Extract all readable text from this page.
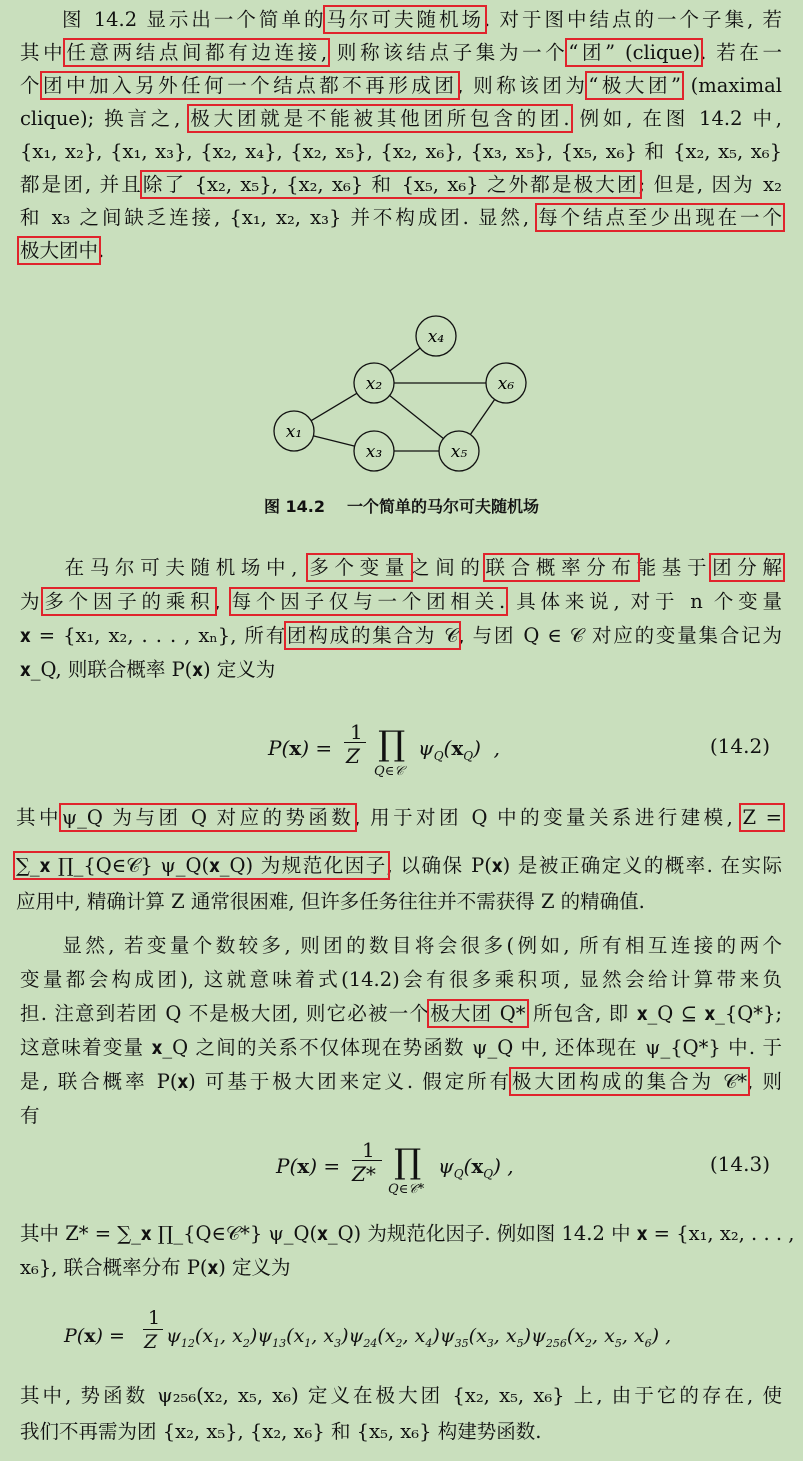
图 14.2 显示出一个简单的马尔可夫随机场. 对于图中结点的一个子集, 若
其中任意两结点间都有边连接, 则称该结点子集为一个“团” (clique). 若在一
个团中加入另外任何一个结点都不再形成团, 则称该团为“极大团” (maximal
clique); 换言之, 极大团就是不能被其他团所包含的团. 例如, 在图 14.2 中,
{x₁, x₂}, {x₁, x₃}, {x₂, x₄}, {x₂, x₅}, {x₂, x₆}, {x₃, x₅}, {x₅, x₆} 和 {x₂, x₅, x₆}
都是团, 并且除了 {x₂, x₅}, {x₂, x₆} 和 {x₅, x₆} 之外都是极大团; 但是, 因为 x₂
和 x₃ 之间缺乏连接, {x₁, x₂, x₃} 并不构成团. 显然, 每个结点至少出现在一个
极大团中.
x₁
x₂
x₃
x₄
x₅
x₆
图 14.2 一个简单的马尔可夫随机场
在马尔可夫随机场中, 多个变量之间的联合概率分布能基于团分解
为多个因子的乘积, 每个因子仅与一个团相关. 具体来说, 对于 n 个变量
𝐱 = {x₁, x₂, . . . , xₙ}, 所有团构成的集合为 𝒞, 与团 Q ∈ 𝒞 对应的变量集合记为
𝐱_Q, 则联合概率 P(𝐱) 定义为
P(x) =
1
Z ∏
Q∈𝒞
$\psi_Q(x_Q)$  ,	(14.2)
其中ψ_Q 为与团 Q 对应的势函数, 用于对团 Q 中的变量关系进行建模, Z =
∑_𝐱 ∏_{Q∈𝒞} ψ_Q(𝐱_Q) 为规范化因子, 以确保 P(𝐱) 是被正确定义的概率. 在实际
应用中, 精确计算 Z 通常很困难, 但许多任务往往并不需获得 Z 的精确值.
显然, 若变量个数较多, 则团的数目将会很多(例如, 所有相互连接的两个
变量都会构成团), 这就意味着式(14.2)会有很多乘积项, 显然会给计算带来负
担. 注意到若团 Q 不是极大团, 则它必被一个极大团 Q* 所包含, 即 𝐱_Q ⊆ 𝐱_{Q*};
这意味着变量 𝐱_Q 之间的关系不仅体现在势函数 ψ_Q 中, 还体现在 ψ_{Q*} 中. 于
是, 联合概率 P(𝐱) 可基于极大团来定义. 假定所有极大团构成的集合为 𝒞*, 则
有
P(x) =
1
Z* ∏
Q∈𝒞*
$\psi_Q(x_Q)$ ,	(14.3)
其中 Z* = ∑_𝐱 ∏_{Q∈𝒞*} ψ_Q(𝐱_Q) 为规范化因子. 例如图 14.2 中 𝐱 = {x₁, x₂, . . . ,
x₆}, 联合概率分布 P(𝐱) 定义为
P(x) =
1
Z $\psi_{12}(x_1$, $x_2)\psi_{13}(x_1$, $x_3)\psi_{24}(x_2$, $x_4)\psi_{35}(x_3$, $x_5)\psi_{256}(x_2$, $x_5$, $x_6$) ,
其中, 势函数 ψ₂₅₆(x₂, x₅, x₆) 定义在极大团 {x₂, x₅, x₆} 上, 由于它的存在, 使
我们不再需为团 {x₂, x₅}, {x₂, x₆} 和 {x₅, x₆} 构建势函数.
